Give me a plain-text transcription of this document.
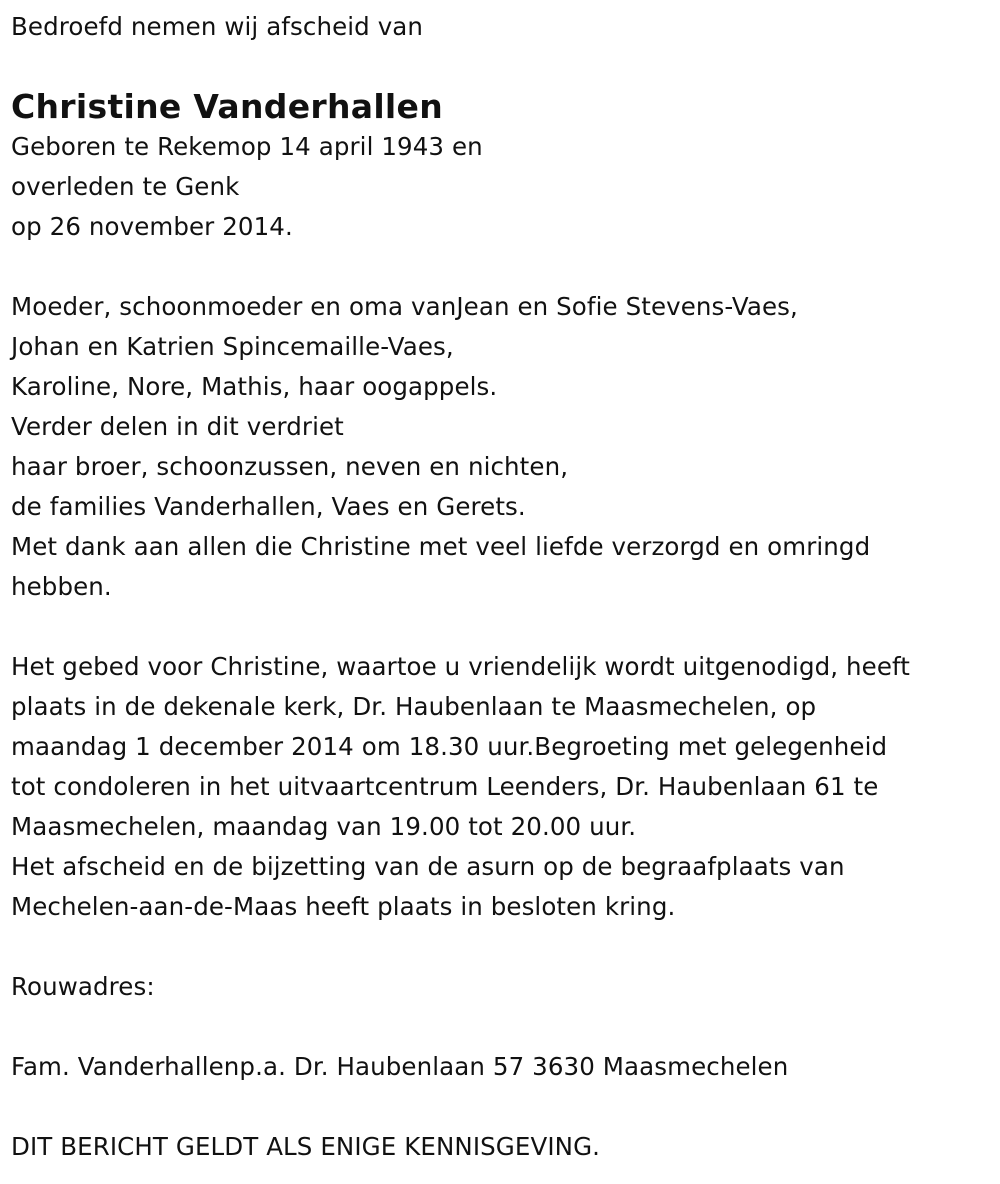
Bedroefd nemen wij afscheid van
Christine Vanderhallen
Geboren te Rekemop 14 april 1943 en
overleden te Genk
op 26 november 2014.
Moeder, schoonmoeder en oma vanJean en Sofie Stevens-Vaes,
Johan en Katrien Spincemaille-Vaes,
Karoline, Nore, Mathis, haar oogappels.
Verder delen in dit verdriet
haar broer, schoonzussen, neven en nichten,
de families Vanderhallen, Vaes en Gerets.
Met dank aan allen die Christine met veel liefde verzorgd en omringd
hebben.
Het gebed voor Christine, waartoe u vriendelijk wordt uitgenodigd, heeft
plaats in de dekenale kerk, Dr. Haubenlaan te Maasmechelen, op
maandag 1 december 2014 om 18.30 uur.Begroeting met gelegenheid
tot condoleren in het uitvaartcentrum Leenders, Dr. Haubenlaan 61 te
Maasmechelen, maandag van 19.00 tot 20.00 uur.
Het afscheid en de bijzetting van de asurn op de begraafplaats van
Mechelen-aan-de-Maas heeft plaats in besloten kring.
Rouwadres:
Fam. Vanderhallenp.a. Dr. Haubenlaan 57 3630 Maasmechelen
DIT BERICHT GELDT ALS ENIGE KENNISGEVING.
